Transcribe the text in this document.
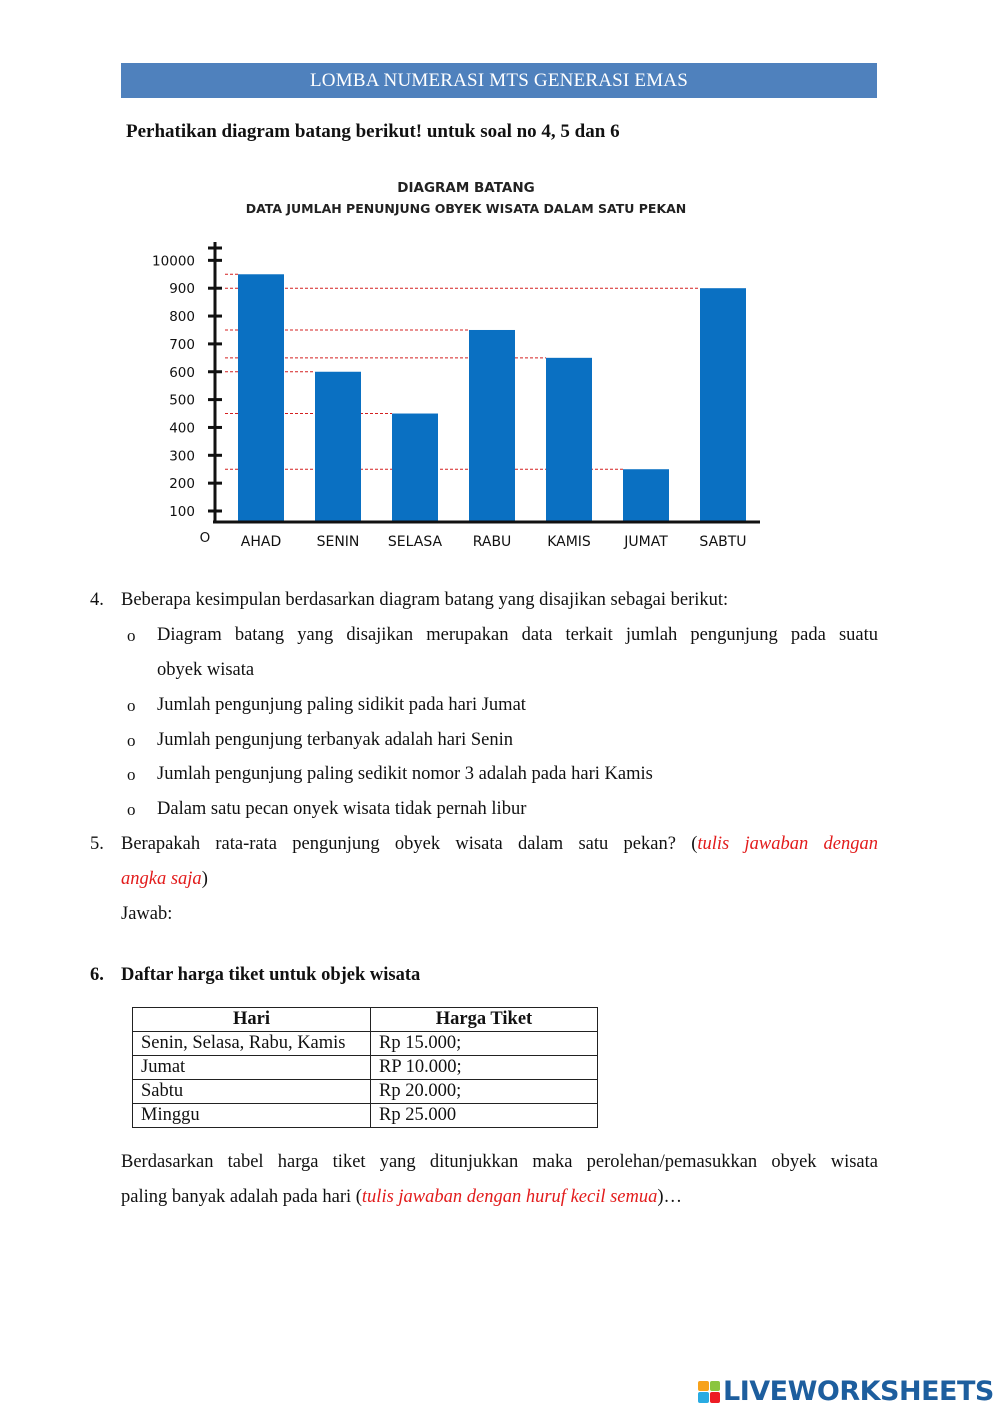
LOMBA NUMERASI MTS GENERASI EMAS
Perhatikan diagram batang berikut! untuk soal no 4, 5 dan 6
DIAGRAM BATANG
DATA JUMLAH PENUNJUNG OBYEK WISATA DALAM SATU PEKAN
100
200
300
400
500
600
700
800
900
10000
AHAD	SENIN SELASA RABU	KAMIS JUMAT SABTU
O
4. Beberapa kesimpulan berdasarkan diagram batang yang disajikan sebagai berikut:
o Diagram batang yang disajikan merupakan data terkait jumlah pengunjung pada suatu
obyek wisata
o Jumlah pengunjung paling sidikit pada hari Jumat
o Jumlah pengunjung terbanyak adalah hari Senin
o Jumlah pengunjung paling sedikit nomor 3 adalah pada hari Kamis
o Dalam satu pecan onyek wisata tidak pernah libur
5. Berapakah rata-rata pengunjung obyek wisata dalam satu pekan? (tulis jawaban dengan
angka saja)
Jawab:
6. Daftar harga tiket untuk objek wisata
Hari	Harga Tiket

Senin, Selasa, Rabu, Kamis	Rp 15.000;
Jumat	RP 10.000;
Sabtu	Rp 20.000;
Minggu	Rp 25.000
Berdasarkan tabel harga tiket yang ditunjukkan maka perolehan/pemasukkan obyek wisata
paling banyak adalah pada hari (tulis jawaban dengan huruf kecil semua)…
LIVEWORKSHEETS
